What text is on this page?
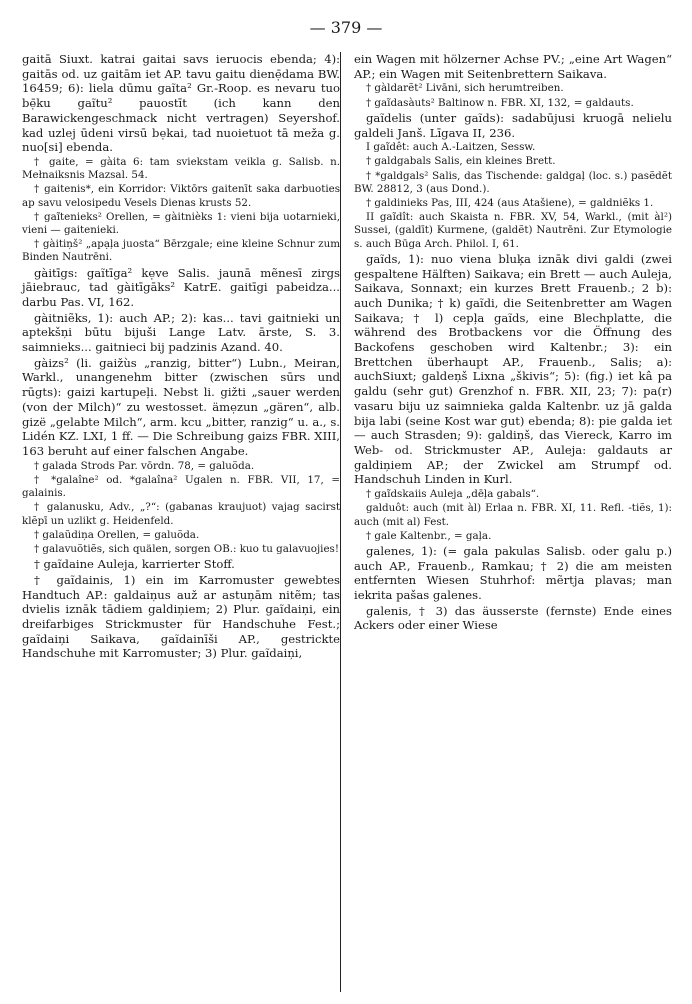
— 379 —
gaitā Siuxt. katrai gaitai savs ieruocis ebenda; 4): gaitās od. uz gaitām iet AP. tavu gaitu dienẹ̄dama BW. 16459; 6): liela dūmu gaĩta² Gr.-Roop. es nevaru tuo bẹ̄ku gaĩtu² pauostīt (ich kann den Barawickengeschmack nicht vertragen) Seyershof. kad uzlej ūdeni virsū bẹkai, tad nuoietuot tā meža g. nuo[si] ebenda.
† gaite, = gàita 6: tam sviekstam veikla g. Salisb. n. Mełnaiksnis Mazsal. 54.
† gaitenis*, ein Korridor: Viktōrs gaitenīt saka darbuoties ap savu velosipedu Vesels Dienas krusts 52.
† gaĩtenieks² Orellen, = gàitnièks 1: vieni bija uotarnieki, vieni — gaitenieki.
† gàitiņš² „apạļa juosta“ Bērzgale; eine kleine Schnur zum Binden Nautrēni.
gàitīgs: gaĩtīga² kẹve Salis. jaunā mẽnesī zirgs jāiebrauc, tad gàitīgāks² KatrE. gaitīgi pabeidza... darbu Pas. VI, 162.
gàitniẽks, 1): auch AP.; 2): kas... tavi gaitnieki un aptekšņi būtu bijuši Lange Latv. ārste, S. 3. saimnieks... gaitnieci bij padzinis Azand. 40.
gàizs² (li. gaižùs „ranzig, bitter“) Lubn., Meiran, Warkl., unangenehm bitter (zwischen sūrs und rūgts): gaizi kartupeļi. Nebst li. gižti „sauer werden (von der Milch)“ zu westosset. ämẹzun „gären“, alb. gizë „gelabte Milch“, arm. kcu „bitter, ranzig“ u. a., s. Lidén KZ. LXI, 1 ff. — Die Schreibung gaizs FBR. XIII, 163 beruht auf einer falschen Angabe.
† galada Strods Par. vōrdn. 78, = galuõda.
† *galaîne² od. *galaîna² Ugalen n. FBR. VII, 17, = galainis.
† galanusku, Adv., „?“: (gabanas kraujuot) vajag sacirst klẽpī un uzlikt g. Heidenfeld.
† galaũdiņa Orellen, = galuõda.
† galavuõtiẽs, sich quälen, sorgen OB.: kuo tu galavuojies!
† gaĩdaine Auleja, karrierter Stoff.
† gaĩdainis, 1) ein im Karromuster gewebtes Handtuch AP.: galdaiņus auž ar astuņām nitẽm; tas dvielis iznāk tādiem galdiņiem; 2) Plur. gaĩdaiņi, ein dreifarbiges Strickmuster für Handschuhe Fest.; gaĩdaiņi Saikava, gaĩdainīši AP., gestrickte Handschuhe mit Karromuster; 3) Plur. gaĩdaiņi,
ein Wagen mit hölzerner Achse PV.; „eine Art Wagen“ AP.; ein Wagen mit Seitenbrettern Saikava.
† gàldarẽt² Livāni, sich herumtreiben.
† gaĩdasàuts² Baltinow n. FBR. XI, 132, = galdauts.
gaĩdelis (unter gaĩds): sadabūjusi kruogā nelielu galdeli Janš. Līgava II, 236.
I gaĩdêt: auch A.-Laitzen, Sessw.
† galdgabals Salis, ein kleines Brett.
† *galdgals² Salis, das Tischende: galdgaļ (loc. s.) pasẽdẽt BW. 28812, 3 (aus Dond.).
† galdinieks Pas, III, 424 (aus Atašiene), = galdniẽks 1.
II gaĩdît: auch Skaista n. FBR. XV, 54, Warkl., (mit àl²) Sussei, (galdīt) Kurmene, (galdẽt) Nautrēni. Zur Etymologie s. auch Būga Arch. Philol. I, 61.
gaĩds, 1): nuo viena bluķa iznāk divi galdi (zwei gespaltene Hälften) Saikava; ein Brett — auch Auleja, Saikava, Sonnaxt; ein kurzes Brett Frauenb.; 2 b): auch Dunika; † k) gaĩdi, die Seitenbretter am Wagen Saikava; † l) cepļa gaĩds, eine Blechplatte, die während des Brotbackens vor die Öffnung des Backofens geschoben wird Kaltenbr.; 3): ein Brettchen überhaupt AP., Frauenb., Salis; a): auchSiuxt; galdeņš Lixna „škivis“; 5): (fig.) iet kâ pa galdu (sehr gut) Grenzhof n. FBR. XII, 23; 7): pa(r) vasaru biju uz saimnieka galda Kaltenbr. uz jā galda bija labi (seine Kost war gut) ebenda; 8): pie galda iet — auch Strasden; 9): galdiņš, das Viereck, Karro im Web- od. Strickmuster AP., Auleja: galdauts ar galdiņiem AP.; der Zwickel am Strumpf od. Handschuh Linden in Kurl.
† gaĩdskaiis Auleja „dēļa gabals“.
galduôt: auch (mit àl) Erlaa n. FBR. XI, 11. Refl. -tiẽs, 1): auch (mit al) Fest.
† gale Kaltenbr., = gaļa.
galenes, 1): (= gala pakulas Salisb. oder galu p.) auch AP., Frauenb., Ramkau; † 2) die am meisten entfernten Wiesen Stuhrhof: mẽrtja plavas; man iekrita pašas galenes.
galenis, † 3) das äusserste (fernste) Ende eines Ackers oder einer Wiese
